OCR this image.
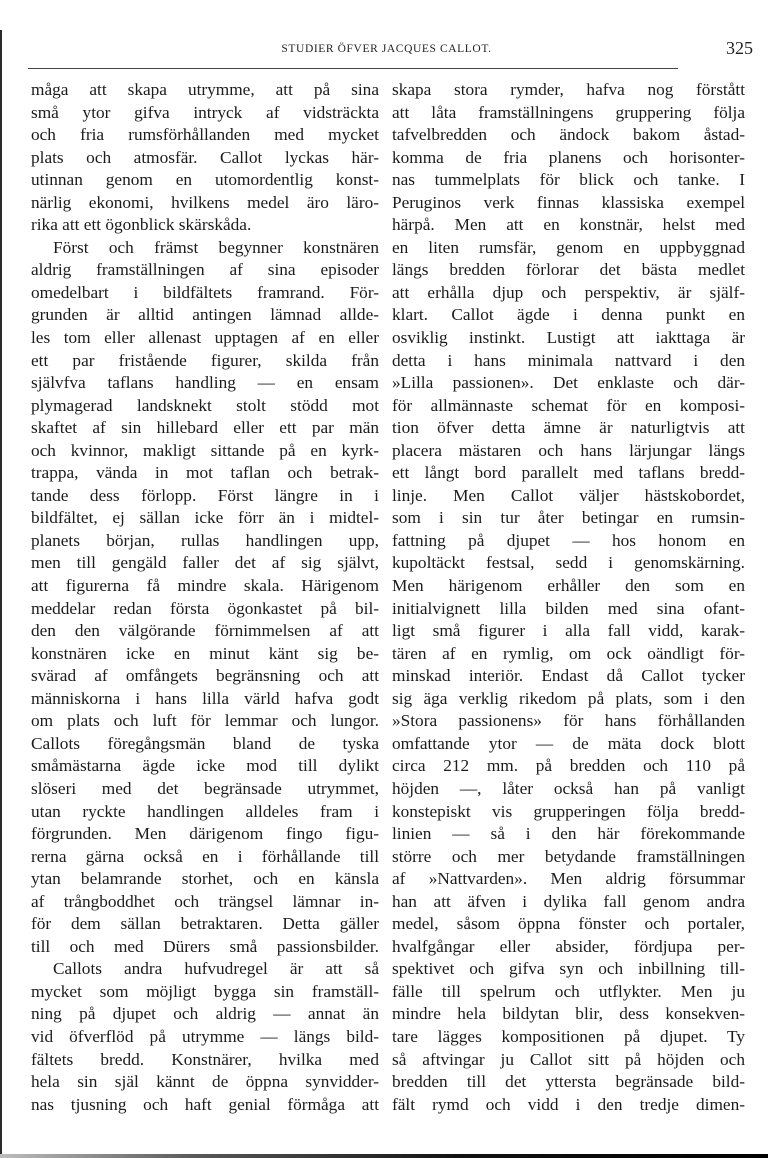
STUDIER ÖFVER JACQUES CALLOT.	325
måga att skapa utrymme, att på sina
små ytor gifva intryck af vidsträckta
och fria rumsförhållanden med mycket
plats och atmosfär. Callot lyckas här-
utinnan genom en utomordentlig konst-
närlig ekonomi, hvilkens medel äro läro-
rika att ett ögonblick skärskåda.
Först och främst begynner konstnären
aldrig framställningen af sina episoder
omedelbart i bildfältets framrand. För-
grunden är alltid antingen lämnad allde-
les tom eller allenast upptagen af en eller
ett par fristående figurer, skilda från
självfva taflans handling — en ensam
plymagerad landsknekt stolt stödd mot
skaftet af sin hillebard eller ett par män
och kvinnor, makligt sittande på en kyrk-
trappa, vända in mot taflan och betrak-
tande dess förlopp. Först längre in i
bildfältet, ej sällan icke förr än i midtel-
planets början, rullas handlingen upp,
men till gengäld faller det af sig självt,
att figurerna få mindre skala. Härigenom
meddelar redan första ögonkastet på bil-
den den välgörande förnimmelsen af att
konstnären icke en minut känt sig be-
svärad af omfångets begränsning och att
människorna i hans lilla värld hafva godt
om plats och luft för lemmar och lungor.
Callots föregångsmän bland de tyska
småmästarna ägde icke mod till dylikt
slöseri med det begränsade utrymmet,
utan ryckte handlingen alldeles fram i
förgrunden. Men därigenom fingo figu-
rerna gärna också en i förhållande till
ytan belamrande storhet, och en känsla
af trångboddhet och trängsel lämnar in-
för dem sällan betraktaren. Detta gäller
till och med Dürers små passionsbilder.
Callots andra hufvudregel är att så
mycket som möjligt bygga sin framställ-
ning på djupet och aldrig — annat än
vid öfverflöd på utrymme — längs bild-
fältets bredd. Konstnärer, hvilka med
hela sin själ kännt de öppna synvidder-
nas tjusning och haft genial förmåga att
skapa stora rymder, hafva nog förstått
att låta framställningens gruppering följa
tafvelbredden och ändock bakom åstad-
komma de fria planens och horisonter-
nas tummelplats för blick och tanke. I
Peruginos verk finnas klassiska exempel
härpå. Men att en konstnär, helst med
en liten rumsfär, genom en uppbyggnad
längs bredden förlorar det bästa medlet
att erhålla djup och perspektiv, är själf-
klart. Callot ägde i denna punkt en
osviklig instinkt. Lustigt att iakttaga är
detta i hans minimala nattvard i den
»Lilla passionen». Det enklaste och där-
för allmännaste schemat för en komposi-
tion öfver detta ämne är naturligtvis att
placera mästaren och hans lärjungar längs
ett långt bord parallelt med taflans bredd-
linje. Men Callot väljer hästskobordet,
som i sin tur åter betingar en rumsin-
fattning på djupet — hos honom en
kupoltäckt festsal, sedd i genomskärning.
Men härigenom erhåller den som en
initialvignett lilla bilden med sina ofant-
ligt små figurer i alla fall vidd, karak-
tären af en rymlig, om ock oändligt för-
minskad interiör. Endast då Callot tycker
sig äga verklig rikedom på plats, som i den
»Stora passionens» för hans förhållanden
omfattande ytor — de mäta dock blott
circa 212 mm. på bredden och 110 på
höjden —, låter också han på vanligt
konstepiskt vis grupperingen följa bredd-
linien — så i den här förekommande
större och mer betydande framställningen
af »Nattvarden». Men aldrig försummar
han att äfven i dylika fall genom andra
medel, såsom öppna fönster och portaler,
hvalfgångar eller absider, fördjupa per-
spektivet och gifva syn och inbillning till-
fälle till spelrum och utflykter. Men ju
mindre hela bildytan blir, dess konsekven-
tare lägges kompositionen på djupet. Ty
så aftvingar ju Callot sitt på höjden och
bredden till det yttersta begränsade bild-
fält rymd och vidd i den tredje dimen-
